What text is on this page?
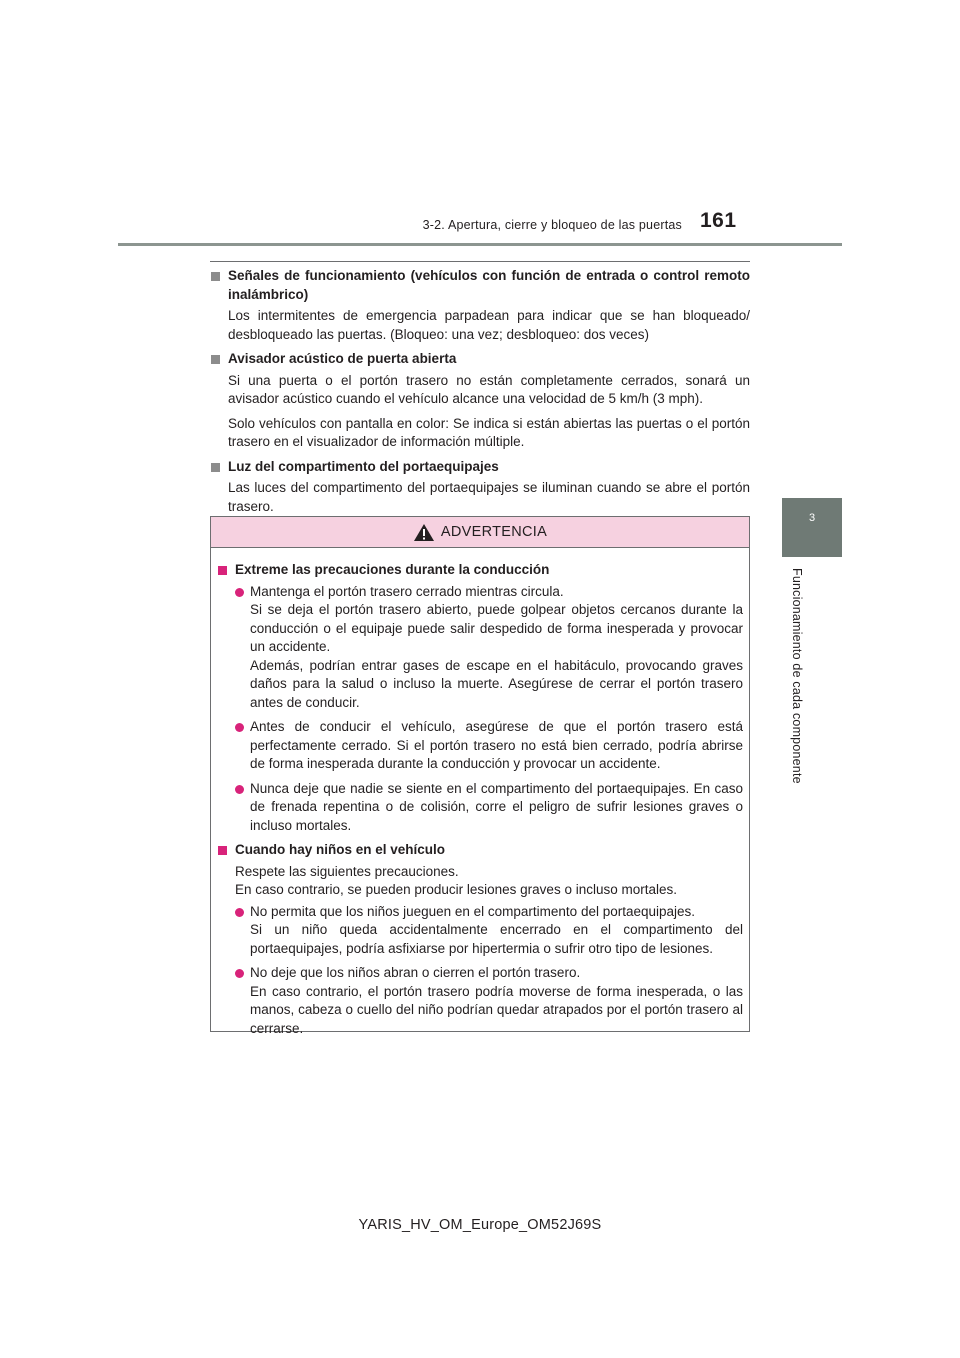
3-2. Apertura, cierre y bloqueo de las puertas 161
3
Funcionamiento de cada componente
Señales de funcionamiento (vehículos con función de entrada o control remoto inalámbrico)
Los intermitentes de emergencia parpadean para indicar que se han bloqueado/ desbloqueado las puertas. (Bloqueo: una vez; desbloqueo: dos veces)
Avisador acústico de puerta abierta
Si una puerta o el portón trasero no están completamente cerrados, sonará un avisador acústico cuando el vehículo alcance una velocidad de 5 km/h (3 mph).
Solo vehículos con pantalla en color: Se indica si están abiertas las puertas o el portón trasero en el visualizador de información múltiple.
Luz del compartimento del portaequipajes
Las luces del compartimento del portaequipajes se iluminan cuando se abre el portón trasero.
ADVERTENCIA
Extreme las precauciones durante la conducción

Mantenga el portón trasero cerrado mientras circula.

Si se deja el portón trasero abierto, puede golpear objetos cercanos durante la conducción o el equipaje puede salir despedido de forma inesperada y provocar un accidente.

Además, podrían entrar gases de escape en el habitáculo, provocando graves daños para la salud o incluso la muerte. Asegúrese de cerrar el portón trasero antes de conducir.

Antes de conducir el vehículo, asegúrese de que el portón trasero está perfectamente cerrado. Si el portón trasero no está bien cerrado, podría abrirse de forma inesperada durante la conducción y provocar un accidente.

Nunca deje que nadie se siente en el compartimento del portaequipajes. En caso de frenada repentina o de colisión, corre el peligro de sufrir lesiones graves o incluso mortales.

Cuando hay niños en el vehículo
Respete las siguientes precauciones.
En caso contrario, se pueden producir lesiones graves o incluso mortales.

No permita que los niños jueguen en el compartimento del portaequipajes.

Si un niño queda accidentalmente encerrado en el compartimento del portaequipajes, podría asfixiarse por hipertermia o sufrir otro tipo de lesiones.

No deje que los niños abran o cierren el portón trasero.

En caso contrario, el portón trasero podría moverse de forma inesperada, o las manos, cabeza o cuello del niño podrían quedar atrapados por el portón trasero al cerrarse.

YARIS_HV_OM_Europe_OM52J69S
